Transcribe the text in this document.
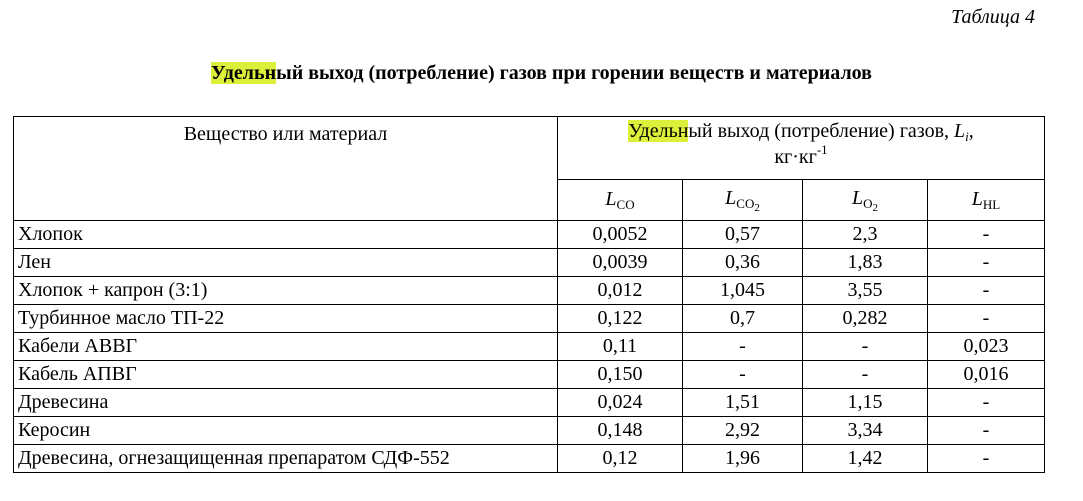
Таблица 4
Удельный выход (потребление) газов при горении веществ и материалов
Вещество или материал	Удельный выход (потребление) газов, $L_i$,
$кг\cdot кг^{-1}$
	$L_{CO}$	$L_{CO_2}$	$L_{O_2}$	$L_{HL}$
Хлопок	0,0052	0,57	2,3	-
Лен	0,0039	0,36	1,83	-
Хлопок + капрон (3:1)	0,012	1,045	3,55	-
Турбинное масло ТП-22	0,122	0,7	0,282	-
Кабели АВВГ	0,11	-	-	0,023
Кабель АПВГ	0,150	-	-	0,016
Древесина	0,024	1,51	1,15	-
Керосин	0,148	2,92	3,34	-
Древесина, огнезащищенная препаратом СДФ-552	0,12	1,96	1,42	-
